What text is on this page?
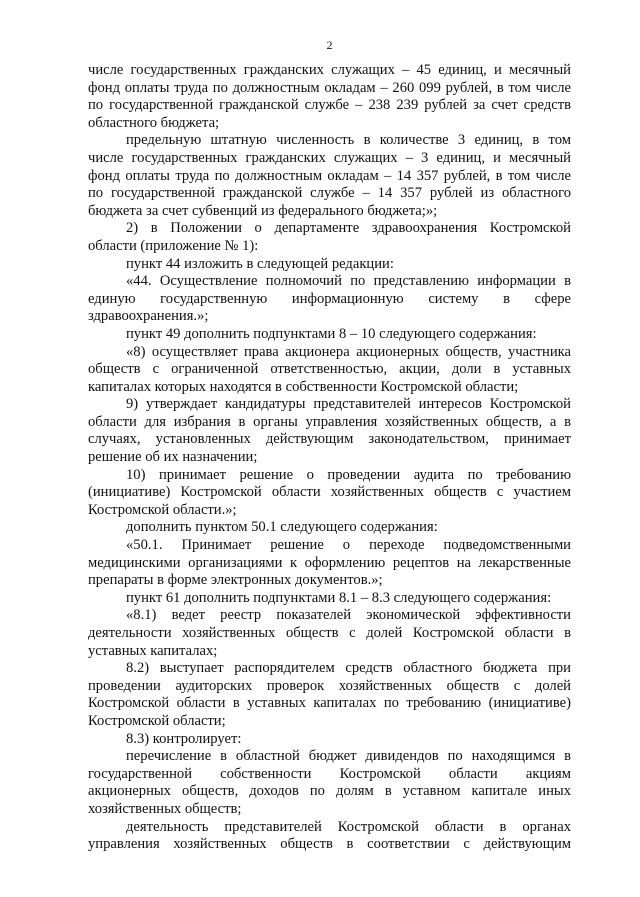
2
числе государственных гражданских служащих – 45 единиц, и месячный
фонд оплаты труда по должностным окладам – 260 099 рублей, в том числе
по государственной гражданской службе – 238 239 рублей за счет средств
областного бюджета;
предельную штатную численность в количестве 3 единиц, в том
числе государственных гражданских служащих – 3 единиц, и месячный
фонд оплаты труда по должностным окладам – 14 357 рублей, в том числе
по государственной гражданской службе – 14 357 рублей из областного
бюджета за счет субвенций из федерального бюджета;»;
2) в Положении о департаменте здравоохранения Костромской
области (приложение № 1):
пункт 44 изложить в следующей редакции:
«44. Осуществление полномочий по представлению информации в
единую государственную информационную систему в сфере
здравоохранения.»;
пункт 49 дополнить подпунктами 8 – 10 следующего содержания:
«8) осуществляет права акционера акционерных обществ, участника
обществ с ограниченной ответственностью, акции, доли в уставных
капиталах которых находятся в собственности Костромской области;
9) утверждает кандидатуры представителей интересов Костромской
области для избрания в органы управления хозяйственных обществ, а в
случаях, установленных действующим законодательством, принимает
решение об их назначении;
10) принимает решение о проведении аудита по требованию
(инициативе) Костромской области хозяйственных обществ с участием
Костромской области.»;
дополнить пунктом 50.1 следующего содержания:
«50.1. Принимает решение о переходе подведомственными
медицинскими организациями к оформлению рецептов на лекарственные
препараты в форме электронных документов.»;
пункт 61 дополнить подпунктами 8.1 – 8.3 следующего содержания:
«8.1) ведет реестр показателей экономической эффективности
деятельности хозяйственных обществ с долей Костромской области в
уставных капиталах;
8.2) выступает распорядителем средств областного бюджета при
проведении аудиторских проверок хозяйственных обществ с долей
Костромской области в уставных капиталах по требованию (инициативе)
Костромской области;
8.3) контролирует:
перечисление в областной бюджет дивидендов по находящимся в
государственной собственности Костромской области акциям
акционерных обществ, доходов по долям в уставном капитале иных
хозяйственных обществ;
деятельность представителей Костромской области в органах
управления хозяйственных обществ в соответствии с действующим
